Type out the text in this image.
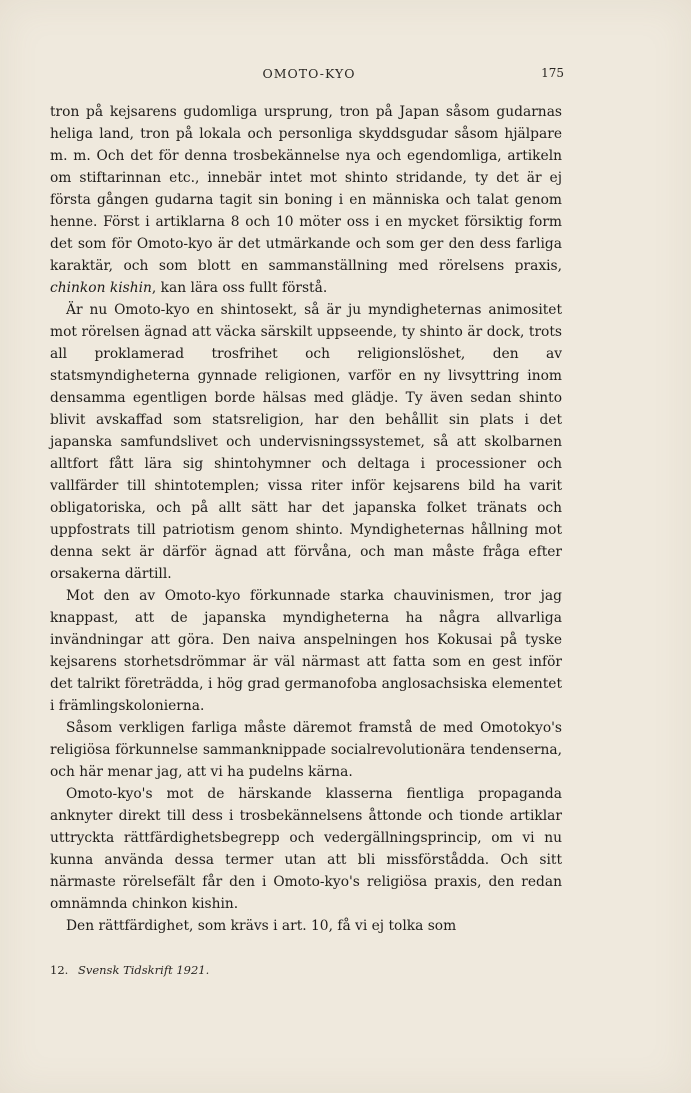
OMOTO-KYO	175

tron på kejsarens gudomliga ursprung, tron på Japan såsom gudarnas heliga land, tron på lokala och personliga skyddsgudar såsom hjälpare m. m. Och det för denna trosbekännelse nya och egendomliga, artikeln om stiftarinnan etc., innebär intet mot shinto stridande, ty det är ej första gången gudarna tagit sin boning i en människa och talat genom henne. Först i artiklarna 8 och 10 möter oss i en mycket försiktig form det som för Omoto-kyo är det utmärkande och som ger den dess farliga karaktär, och som blott en sammanställning med rörelsens praxis, chinkon kishin, kan lära oss fullt förstå.

Är nu Omoto-kyo en shintosekt, så är ju myndigheternas animositet mot rörelsen ägnad att väcka särskilt uppseende, ty shinto är dock, trots all proklamerad trosfrihet och religionslöshet, den av statsmyndigheterna gynnade religionen, varför en ny livsyttring inom densamma egentligen borde hälsas med glädje. Ty även sedan shinto blivit avskaffad som statsreligion, har den behållit sin plats i det japanska samfundslivet och undervisningssystemet, så att skolbarnen alltfort fått lära sig shintohymner och deltaga i processioner och vallfärder till shintotemplen; vissa riter inför kejsarens bild ha varit obligatoriska, och på allt sätt har det japanska folket tränats och uppfostrats till patriotism genom shinto. Myndigheternas hållning mot denna sekt är därför ägnad att förvåna, och man måste fråga efter orsakerna därtill.

Mot den av Omoto-kyo förkunnade starka chauvinismen, tror jag knappast, att de japanska myndigheterna ha några allvarliga invändningar att göra. Den naiva anspelningen hos Kokusai på tyske kejsarens storhetsdrömmar är väl närmast att fatta som en gest inför det talrikt företrädda, i hög grad germanofoba anglosachsiska elementet i främlingskolonierna.

Såsom verkligen farliga måste däremot framstå de med Omotokyo's religiösa förkunnelse sammanknippade socialrevolutionära tendenserna, och här menar jag, att vi ha pudelns kärna.

Omoto-kyo's mot de härskande klasserna fientliga propaganda anknyter direkt till dess i trosbekännelsens åttonde och tionde artiklar uttryckta rättfärdighetsbegrepp och vedergällningsprincip, om vi nu kunna använda dessa termer utan att bli missförstådda. Och sitt närmaste rörelsefält får den i Omoto-kyo's religiösa praxis, den redan omnämnda chinkon kishin.

Den rättfärdighet, som krävs i art. 10, få vi ej tolka som

12. Svensk Tidskrift 1921.
